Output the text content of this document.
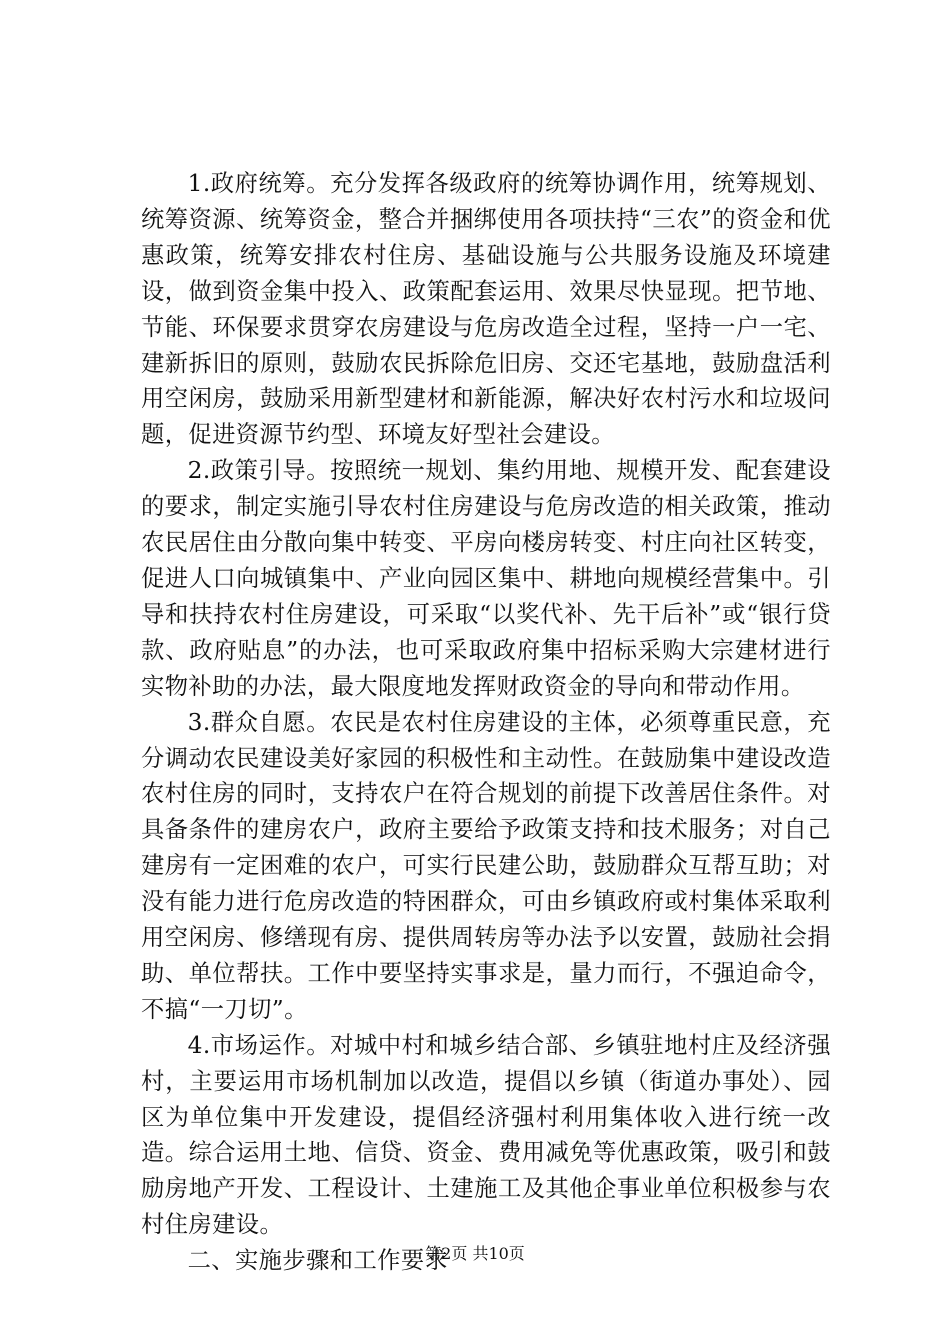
1.政府统筹。充分发挥各级政府的统筹协调作用，统筹规划、统筹资源、统筹资金，整合并捆绑使用各项扶持“三农”的资金和优惠政策，统筹安排农村住房、基础设施与公共服务设施及环境建设，做到资金集中投入、政策配套运用、效果尽快显现。把节地、节能、环保要求贯穿农房建设与危房改造全过程，坚持一户一宅、建新拆旧的原则，鼓励农民拆除危旧房、交还宅基地，鼓励盘活利用空闲房，鼓励采用新型建材和新能源，解决好农村污水和垃圾问题，促进资源节约型、环境友好型社会建设。

2.政策引导。按照统一规划、集约用地、规模开发、配套建设的要求，制定实施引导农村住房建设与危房改造的相关政策，推动农民居住由分散向集中转变、平房向楼房转变、村庄向社区转变，促进人口向城镇集中、产业向园区集中、耕地向规模经营集中。引导和扶持农村住房建设，可采取“以奖代补、先干后补”或“银行贷款、政府贴息”的办法，也可采取政府集中招标采购大宗建材进行实物补助的办法，最大限度地发挥财政资金的导向和带动作用。

3.群众自愿。农民是农村住房建设的主体，必须尊重民意，充分调动农民建设美好家园的积极性和主动性。在鼓励集中建设改造农村住房的同时，支持农户在符合规划的前提下改善居住条件。对具备条件的建房农户，政府主要给予政策支持和技术服务；对自己建房有一定困难的农户，可实行民建公助，鼓励群众互帮互助；对没有能力进行危房改造的特困群众，可由乡镇政府或村集体采取利用空闲房、修缮现有房、提供周转房等办法予以安置，鼓励社会捐助、单位帮扶。工作中要坚持实事求是，量力而行，不强迫命令，不搞“一刀切”。

4.市场运作。对城中村和城乡结合部、乡镇驻地村庄及经济强村，主要运用市场机制加以改造，提倡以乡镇（街道办事处）、园区为单位集中开发建设，提倡经济强村利用集体收入进行统一改造。综合运用土地、信贷、资金、费用减免等优惠政策，吸引和鼓励房地产开发、工程设计、土建施工及其他企事业单位积极参与农村住房建设。

二、实施步骤和工作要求

第2页 共10页
